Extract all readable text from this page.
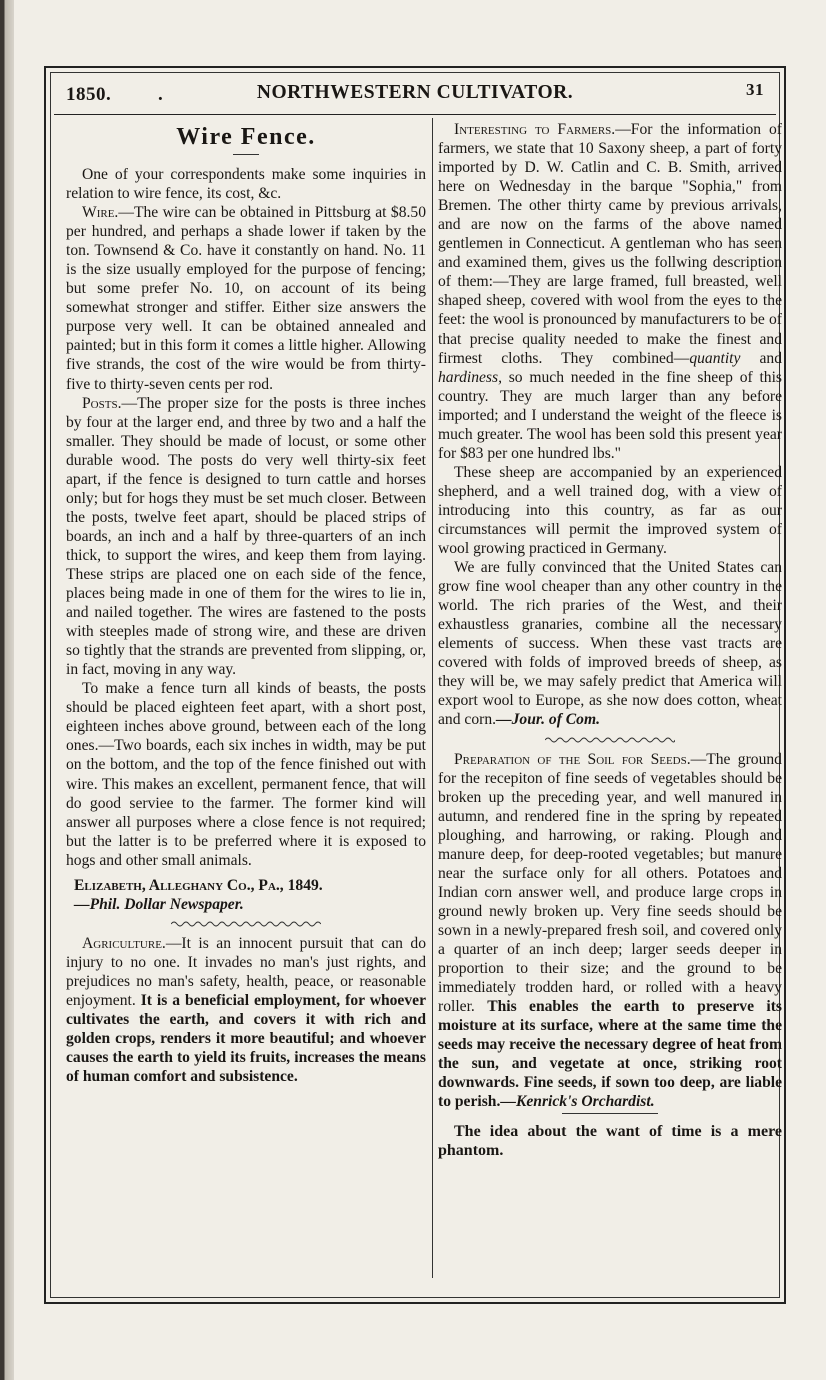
1850. .	NORTHWESTERN CULTIVATOR.	31
Wire Fence.

One of your correspondents make some inquiries in relation to wire fence, its cost, &c.

Wire.—The wire can be obtained in Pittsburg at $8.50 per hundred, and perhaps a shade lower if taken by the ton. Townsend & Co. have it constantly on hand. No. 11 is the size usually employed for the purpose of fencing; but some prefer No. 10, on account of its being somewhat stronger and stiffer. Either size answers the purpose very well. It can be obtained annealed and painted; but in this form it comes a little higher. Allowing five strands, the cost of the wire would be from thirty-five to thirty-seven cents per rod.

Posts.—The proper size for the posts is three inches by four at the larger end, and three by two and a half the smaller. They should be made of locust, or some other durable wood. The posts do very well thirty-six feet apart, if the fence is designed to turn cattle and horses only; but for hogs they must be set much closer. Between the posts, twelve feet apart, should be placed strips of boards, an inch and a half by three-quarters of an inch thick, to support the wires, and keep them from laying. These strips are placed one on each side of the fence, places being made in one of them for the wires to lie in, and nailed together. The wires are fastened to the posts with steeples made of strong wire, and these are driven so tightly that the strands are prevented from slipping, or, in fact, moving in any way.

To make a fence turn all kinds of beasts, the posts should be placed eighteen feet apart, with a short post, eighteen inches above ground, between each of the long ones.—Two boards, each six inches in width, may be put on the bottom, and the top of the fence finished out with wire. This makes an excellent, permanent fence, that will do good serviee to the farmer. The former kind will answer all purposes where a close fence is not required; but the latter is to be preferred where it is exposed to hogs and other small animals.

Elizabeth, Alleghany Co., Pa., 1849.

—Phil. Dollar Newspaper.

Agriculture.—It is an innocent pursuit that can do injury to no one. It invades no man's just rights, and prejudices no man's safety, health, peace, or reasonable enjoyment. It is a beneficial employment, for whoever cultivates the earth, and covers it with rich and golden crops, renders it more beautiful; and whoever causes the earth to yield its fruits, increases the means of human comfort and subsistence.

Interesting to Farmers.—For the information of farmers, we state that 10 Saxony sheep, a part of forty imported by D. W. Catlin and C. B. Smith, arrived here on Wednesday in the barque "Sophia," from Bremen. The other thirty came by previous arrivals, and are now on the farms of the above named gentlemen in Connecticut. A gentleman who has seen and examined them, gives us the follwing description of them:—They are large framed, full breasted, well shaped sheep, covered with wool from the eyes to the feet: the wool is pronounced by manufacturers to be of that precise quality needed to make the finest and firmest cloths. They combined—quantity and hardiness, so much needed in the fine sheep of this country. They are much larger than any before imported; and I understand the weight of the fleece is much greater. The wool has been sold this present year for $83 per one hundred lbs."

These sheep are accompanied by an experienced shepherd, and a well trained dog, with a view of introducing into this country, as far as our circumstances will permit the improved system of wool growing practiced in Germany.

We are fully convinced that the United States can grow fine wool cheaper than any other country in the world. The rich praries of the West, and their exhaustless granaries, combine all the necessary elements of success. When these vast tracts are covered with folds of improved breeds of sheep, as they will be, we may safely predict that America will export wool to Europe, as she now does cotton, wheat and corn.—Jour. of Com.

Preparation of the Soil for Seeds.—The ground for the recepiton of fine seeds of vegetables should be broken up the preceding year, and well manured in autumn, and rendered fine in the spring by repeated ploughing, and harrowing, or raking. Plough and manure deep, for deep-rooted vegetables; but manure near the surface only for all others. Potatoes and Indian corn answer well, and produce large crops in ground newly broken up. Very fine seeds should be sown in a newly-prepared fresh soil, and covered only a quarter of an inch deep; larger seeds deeper in proportion to their size; and the ground to be immediately trodden hard, or rolled with a heavy roller. This enables the earth to preserve its moisture at its surface, where at the same time the seeds may receive the necessary degree of heat from the sun, and vegetate at once, striking root downwards. Fine seeds, if sown too deep, are liable to perish.—Kenrick's Orchardist.

The idea about the want of time is a mere phantom.
